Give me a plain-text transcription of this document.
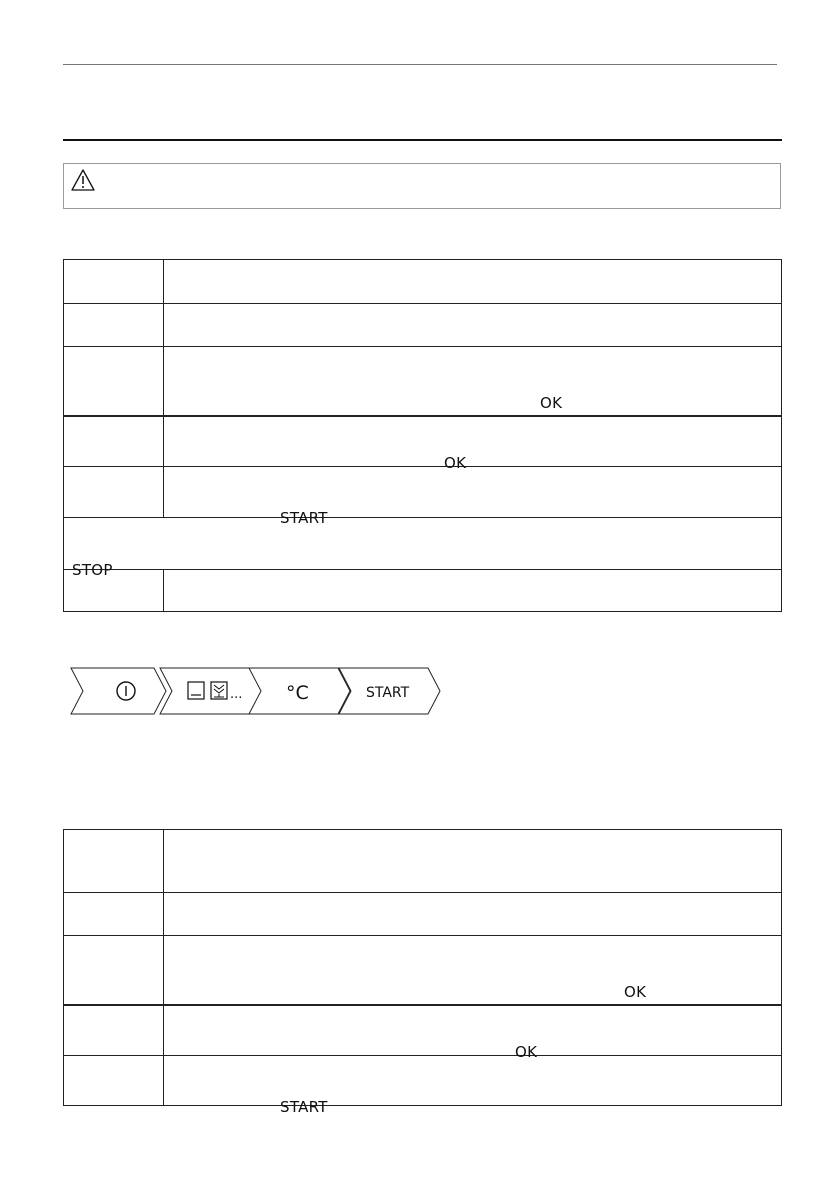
	OK

	OK

	START

STOP	

... °C	START

	OK

	OK

	START
